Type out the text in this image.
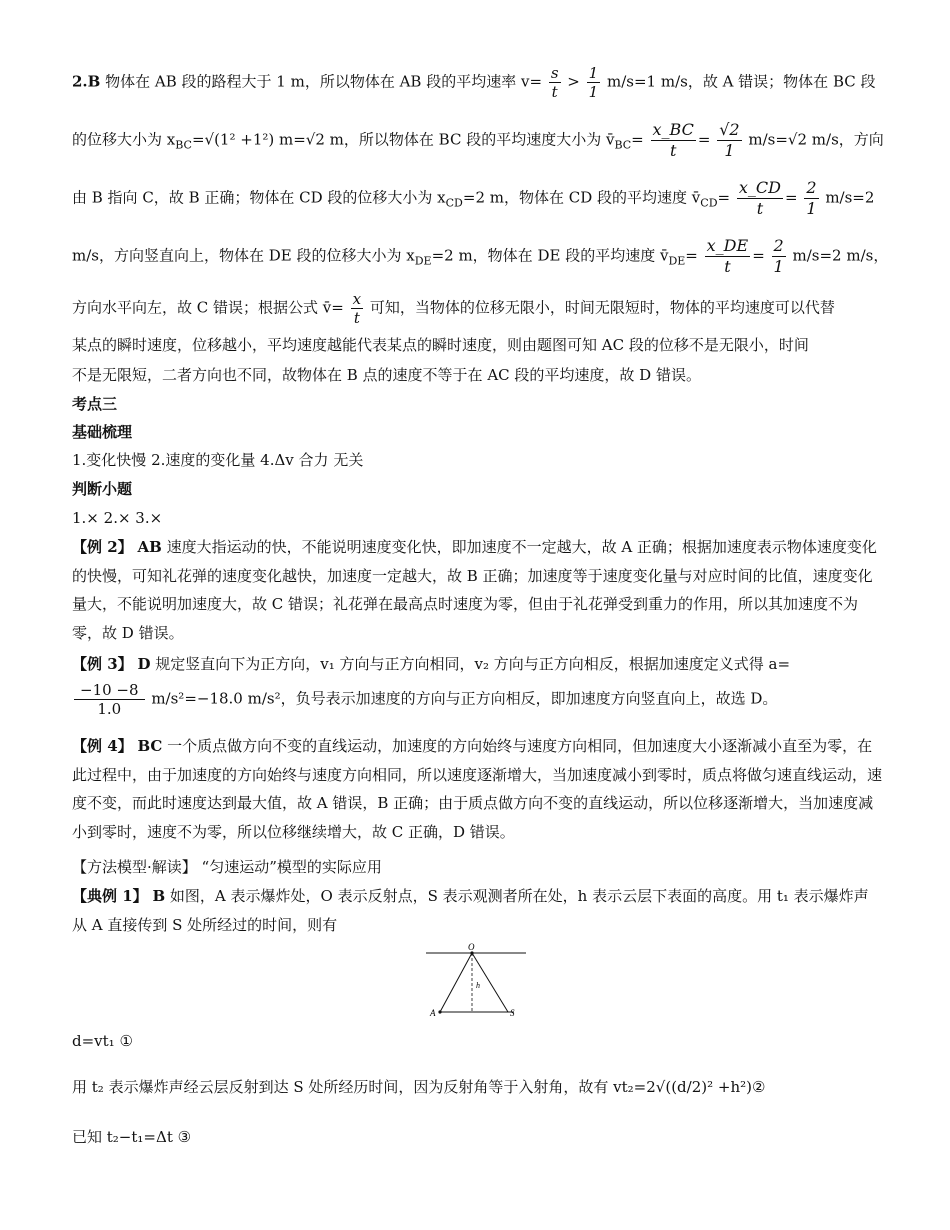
2.B 物体在 AB 段的路程大于 1 m，所以物体在 AB 段的平均速率 $v= \frac{s}{t} > \frac{1}{1} m/s=1$ m/s，故 A 错误；物体在 BC 段
的位移大小为 $x_{BC}=√(1^2 +1^2)$ m=√2 m，所以物体在 BC 段的平均速度大小为 $v̄_{BC}= \frac{x\_BC}{t} = \frac{√2}{1} m/s=√2$ m/s，方向
由 B 指向 C，故 B 正确；物体在 CD 段的位移大小为 $x_{CD}=2$ m，物体在 CD 段的平均速度 $v̄_{CD}= \frac{x\_CD}{t} = \frac{2}{1} m/s=2$
m/s，方向竖直向上，物体在 DE 段的位移大小为 $x_{DE}=2$ m，物体在 DE 段的平均速度 $v̄_{DE}= \frac{x\_DE}{t} = \frac{2}{1} m/s=2$ m/s，
方向水平向左，故 C 错误；根据公式 v̄= $\frac{x}{t}$ 可知，当物体的位移无限小，时间无限短时，物体的平均速度可以代替
某点的瞬时速度，位移越小，平均速度越能代表某点的瞬时速度，则由题图可知 AC 段的位移不是无限小，时间
不是无限短，二者方向也不同，故物体在 B 点的速度不等于在 AC 段的平均速度，故 D 错误。
考点三
基础梳理
1.变化快慢 2.速度的变化量 4.Δv 合力 无关
判断小题
1.× 2.× 3.×
【例 2】 AB 速度大指运动的快，不能说明速度变化快，即加速度不一定越大，故 A 正确；根据加速度表示物体速度变化的快慢，可知礼花弹的速度变化越快，加速度一定越大，故 B 正确；加速度等于速度变化量与对应时间的比值，速度变化量大，不能说明加速度大，故 C 错误；礼花弹在最高点时速度为零，但由于礼花弹受到重力的作用，所以其加速度不为零，故 D 错误。
【例 3】 D 规定竖直向下为正方向，v₁ 方向与正方向相同，v₂ 方向与正方向相反，根据加速度定义式得 a=
$\frac{-10 -8}{1.0} m/s^2=-18.0$ m/s²，负号表示加速度的方向与正方向相反，即加速度方向竖直向上，故选 D。
【例 4】 BC 一个质点做方向不变的直线运动，加速度的方向始终与速度方向相同，但加速度大小逐渐减小直至为零，在此过程中，由于加速度的方向始终与速度方向相同，所以速度逐渐增大，当加速度减小到零时，质点将做匀速直线运动，速度不变，而此时速度达到最大值，故 A 错误，B 正确；由于质点做方向不变的直线运动，所以位移逐渐增大，当加速度减小到零时，速度不为零，所以位移继续增大，故 C 正确，D 错误。
【方法模型·解读】 “匀速运动”模型的实际应用
【典例 1】 B 如图，A 表示爆炸处，O 表示反射点，S 表示观测者所在处，h 表示云层下表面的高度。用 t₁ 表示爆炸声从 A 直接传到 S 处所经过的时间，则有
d=vt₁ ①
用 t₂ 表示爆炸声经云层反射到达 S 处所经历时间，因为反射角等于入射角，故有 vt₂=2√((d/2)² +h²)②
已知 t₂−t₁=Δt ③
O
A	S
h
